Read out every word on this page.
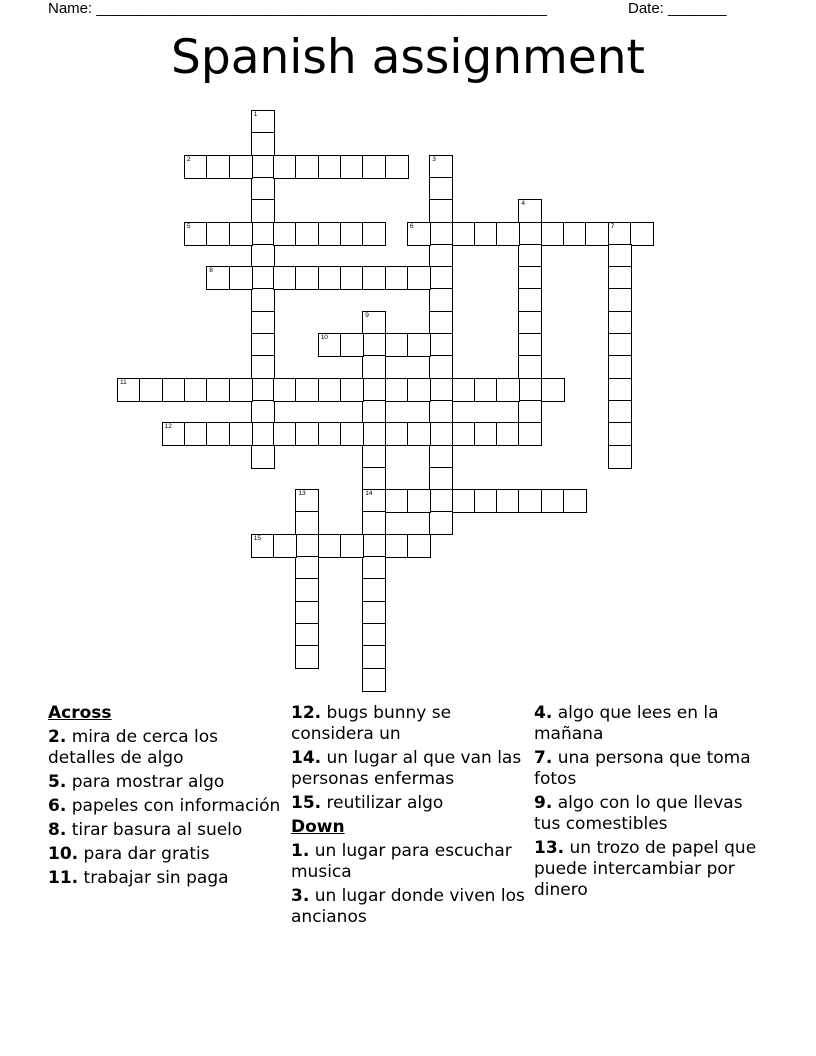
Name: ______________________________________________________	Date: _______
Spanish assignment
1
2	3
4
5	6	7
8
9
14
10
11
12
13
15
Across
2. mira de cerca los detalles de algo
5. para mostrar algo
6. papeles con información
8. tirar basura al suelo
10. para dar gratis
11. trabajar sin paga
12. bugs bunny se considera un
14. un lugar al que van las personas enfermas
15. reutilizar algo
Down
1. un lugar para escuchar musica
3. un lugar donde viven los ancianos
4. algo que lees en la mañana
7. una persona que toma fotos
9. algo con lo que llevas tus comestibles
13. un trozo de papel que puede intercambiar por dinero
